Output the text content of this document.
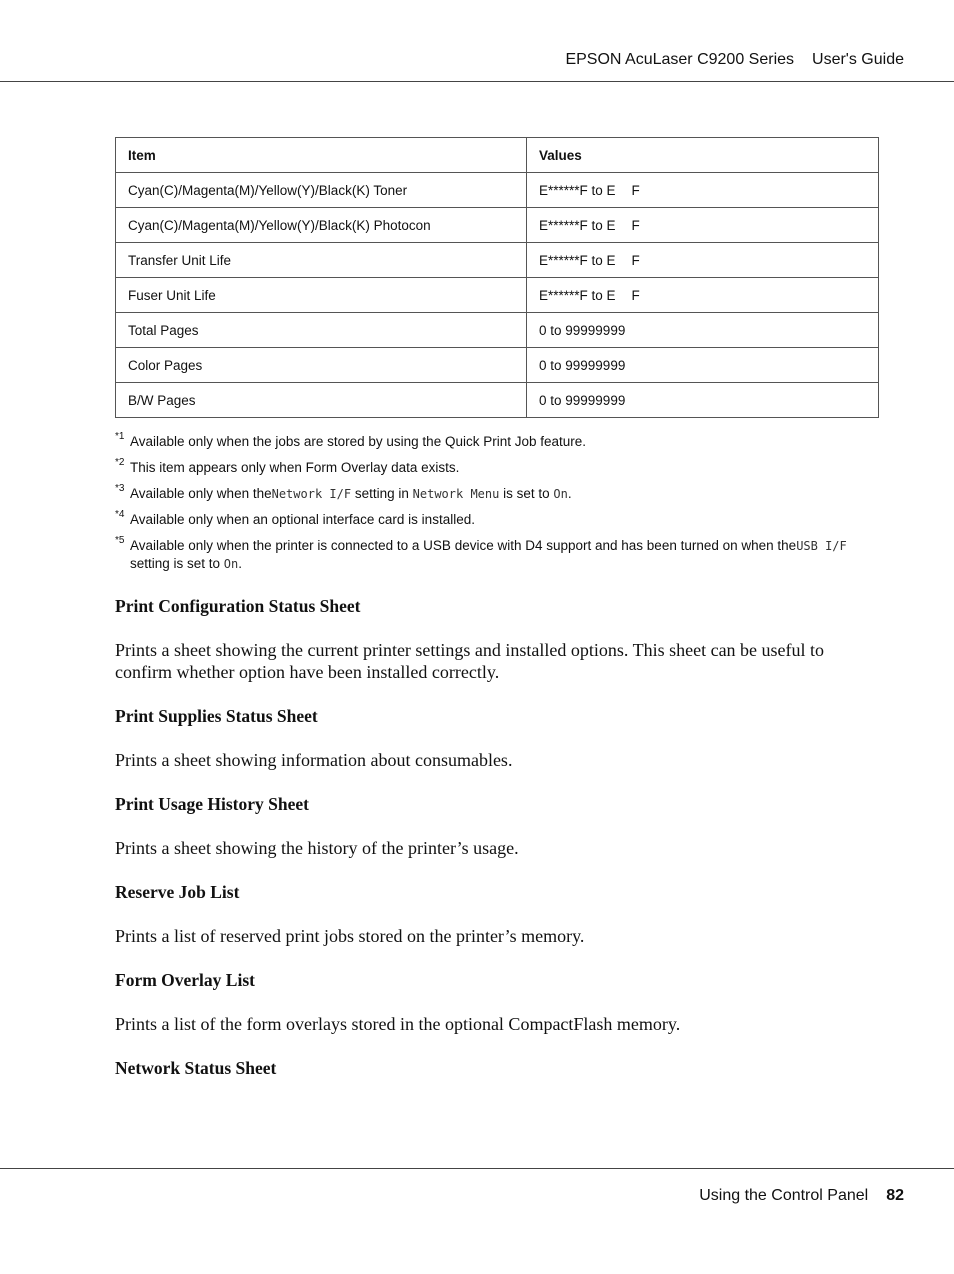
EPSON AcuLaser C9200 Series User's Guide
Item	Values
Cyan(C)/Magenta(M)/Yellow(Y)/Black(K) Toner	E******F to E F
Cyan(C)/Magenta(M)/Yellow(Y)/Black(K) Photocon	E******F to E F
Transfer Unit Life	E******F to E F
Fuser Unit Life	E******F to E F
Total Pages	0 to 99999999
Color Pages	0 to 99999999
B/W Pages	0 to 99999999
*1 Available only when the jobs are stored by using the Quick Print Job feature.
*2 This item appears only when Form Overlay data exists.
*3 Available only when theNetwork I/F setting in Network Menu is set to On.
*4 Available only when an optional interface card is installed.
*5 Available only when the printer is connected to a USB device with D4 support and has been turned on when theUSB I/F
setting is set to On.
Print Configuration Status Sheet

Prints a sheet showing the current printer settings and installed options. This sheet can be useful to confirm whether option have been installed correctly.

Print Supplies Status Sheet

Prints a sheet showing information about consumables.

Print Usage History Sheet

Prints a sheet showing the history of the printer’s usage.

Reserve Job List

Prints a list of reserved print jobs stored on the printer’s memory.

Form Overlay List

Prints a list of the form overlays stored in the optional CompactFlash memory.

Network Status Sheet
Using the Control Panel 82
